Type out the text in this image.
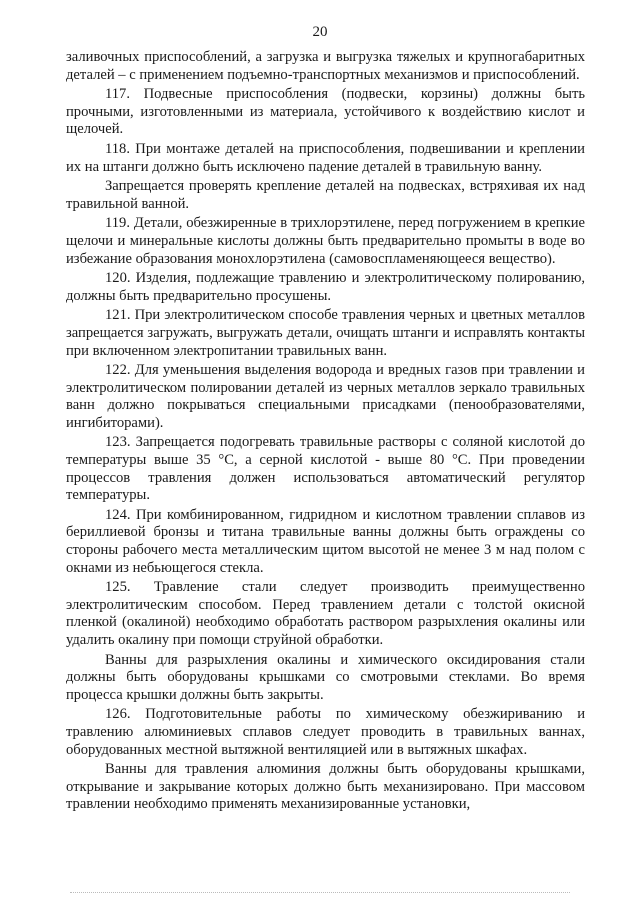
20

заливочных приспособлений, а загрузка и выгрузка тяжелых и крупногабаритных деталей – с применением подъемно-транспортных механизмов и приспособлений.

117. Подвесные приспособления (подвески, корзины) должны быть прочными, изготовленными из материала, устойчивого к воздействию кислот и щелочей.

118. При монтаже деталей на приспособления, подвешивании и креплении их на штанги должно быть исключено падение деталей в травильную ванну.

Запрещается проверять крепление деталей на подвесках, встряхивая их над травильной ванной.

119. Детали, обезжиренные в трихлорэтилене, перед погружением в крепкие щелочи и минеральные кислоты должны быть предварительно промыты в воде во избежание образования монохлорэтилена (самовоспламеняющееся вещество).

120. Изделия, подлежащие травлению и электролитическому полированию, должны быть предварительно просушены.

121. При электролитическом способе травления черных и цветных металлов запрещается загружать, выгружать детали, очищать штанги и исправлять контакты при включенном электропитании травильных ванн.

122. Для уменьшения выделения водорода и вредных газов при травлении и электролитическом полировании деталей из черных металлов зеркало травильных ванн должно покрываться специальными присадками (пенообразователями, ингибиторами).

123. Запрещается подогревать травильные растворы с соляной кислотой до температуры выше 35 °С, а серной кислотой - выше 80 °С. При проведении процессов травления должен использоваться автоматический регулятор температуры.

124. При комбинированном, гидридном и кислотном травлении сплавов из бериллиевой бронзы и титана травильные ванны должны быть ограждены со стороны рабочего места металлическим щитом высотой не менее 3 м над полом с окнами из небьющегося стекла.

125. Травление стали следует производить преимущественно электролитическим способом. Перед травлением детали с толстой окисной пленкой (окалиной) необходимо обработать раствором разрыхления окалины или удалить окалину при помощи струйной обработки.

Ванны для разрыхления окалины и химического оксидирования стали должны быть оборудованы крышками со смотровыми стеклами. Во время процесса крышки должны быть закрыты.

126. Подготовительные работы по химическому обезжириванию и травлению алюминиевых сплавов следует проводить в травильных ваннах, оборудованных местной вытяжной вентиляцией или в вытяжных шкафах.

Ванны для травления алюминия должны быть оборудованы крышками, открывание и закрывание которых должно быть механизировано. При массовом травлении необходимо применять механизированные установки,
